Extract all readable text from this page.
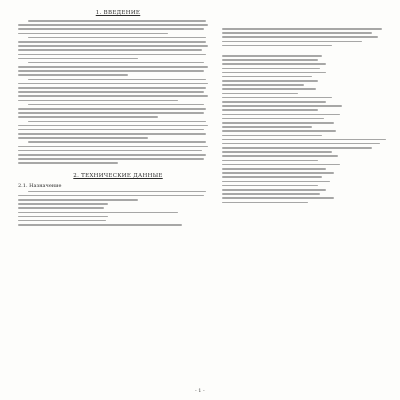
1. ВВЕДЕНИЕ
2. ТЕХНИЧЕСКИЕ ДАННЫЕ
2.1. Назначение
- 1 -
